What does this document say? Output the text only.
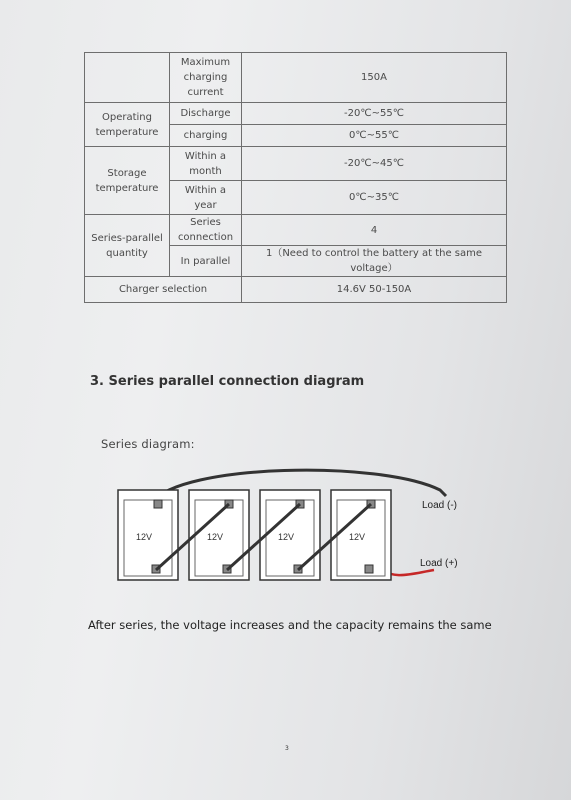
	Maximum charging current	150A
Operating temperature	Discharge	-20℃~55℃
	charging	0℃~55℃
Storage temperature	Within a month	-20℃~45℃
	Within a year	0℃~35℃
Series-parallel quantity	Series connection	4
	In parallel	1（Need to control the battery at the same voltage）
Charger selection		14.6V 50-150A
3. Series parallel connection diagram
Series diagram:
12V	12V	12V	12V
Load (-)
Load (+)
After series, the voltage increases and the capacity remains the same
3
